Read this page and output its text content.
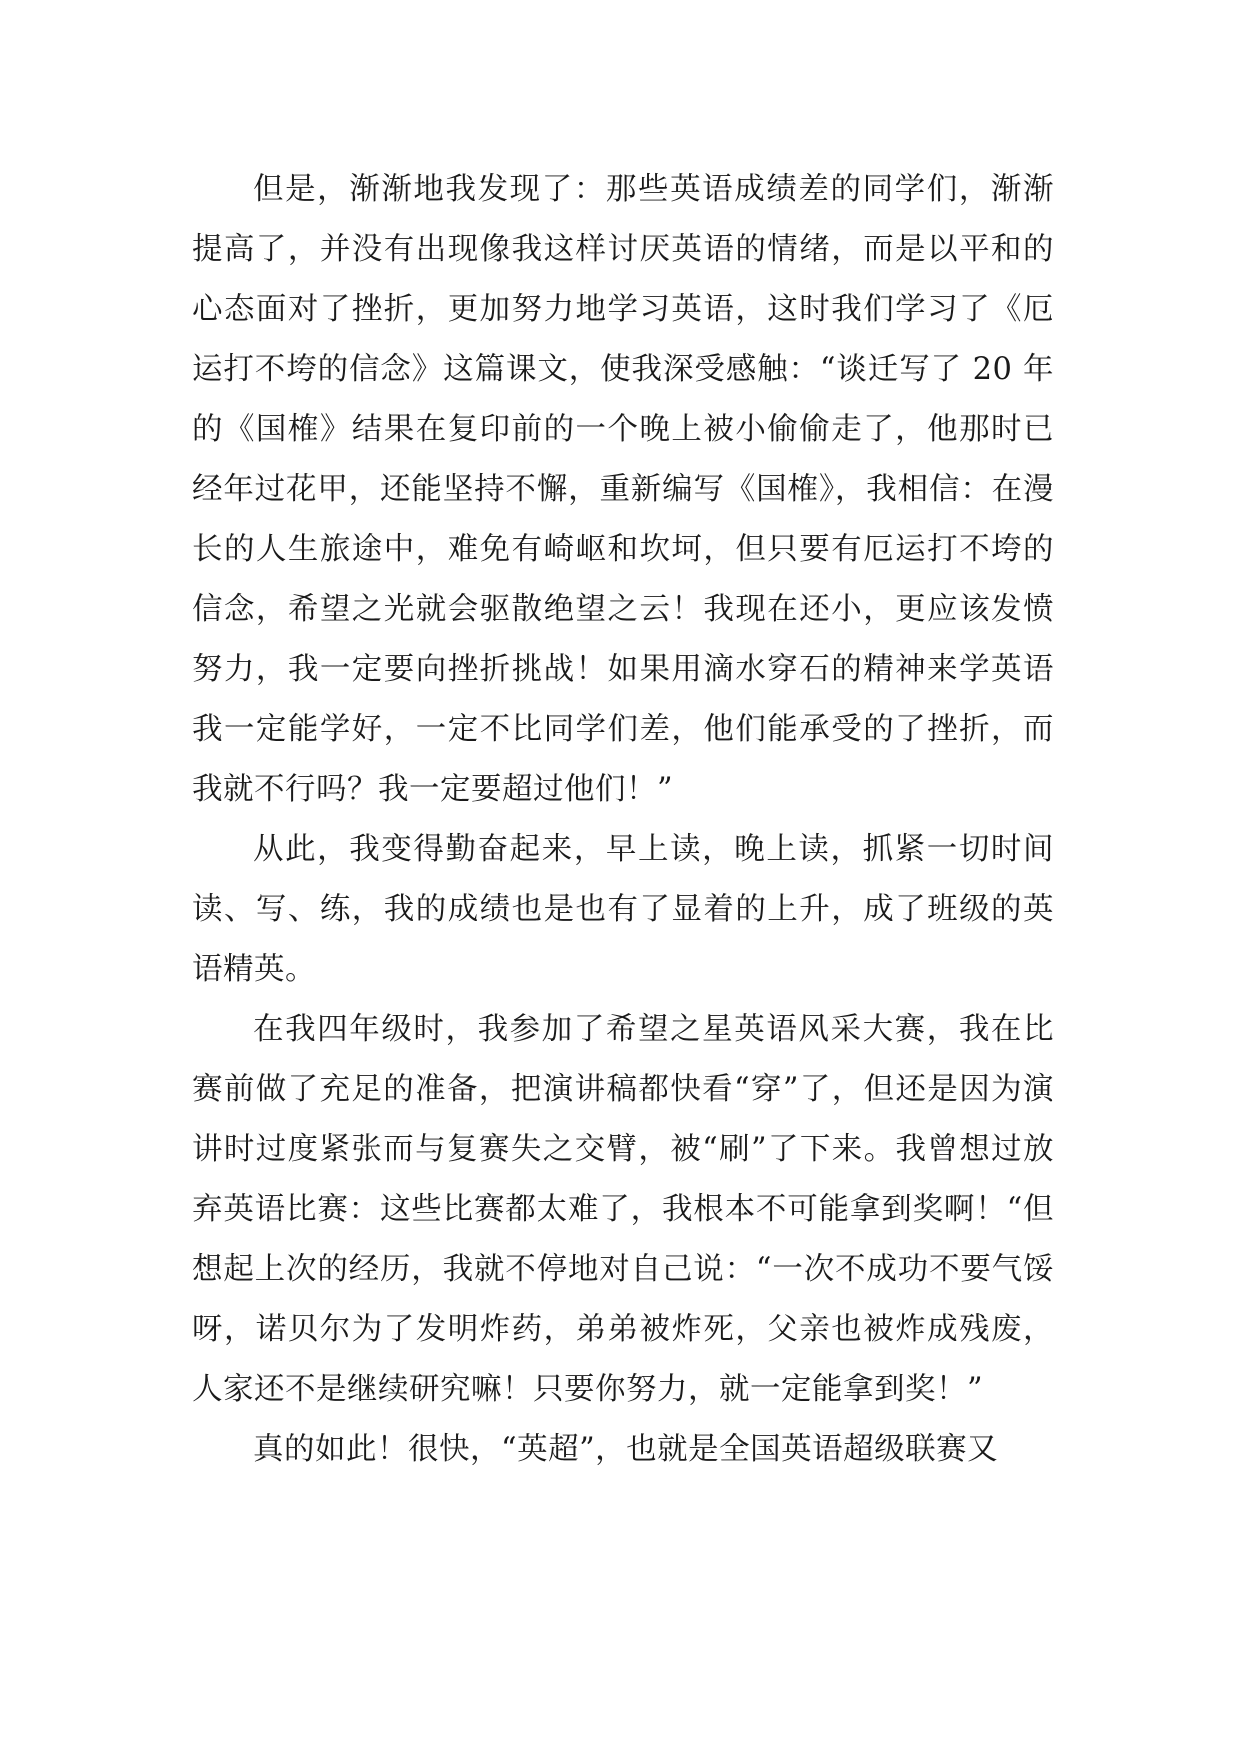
但是，渐渐地我发现了：那些英语成绩差的同学们，渐渐提高了，并没有出现像我这样讨厌英语的情绪，而是以平和的心态面对了挫折，更加努力地学习英语，这时我们学习了《厄运打不垮的信念》这篇课文，使我深受感触：“谈迁写了 20 年的《国榷》结果在复印前的一个晚上被小偷偷走了，他那时已经年过花甲，还能坚持不懈，重新编写《国榷》，我相信：在漫长的人生旅途中，难免有崎岖和坎坷，但只要有厄运打不垮的信念，希望之光就会驱散绝望之云！我现在还小，更应该发愤努力，我一定要向挫折挑战！如果用滴水穿石的精神来学英语我一定能学好，一定不比同学们差，他们能承受的了挫折，而我就不行吗？我一定要超过他们！”

从此，我变得勤奋起来，早上读，晚上读，抓紧一切时间读、写、练，我的成绩也是也有了显着的上升，成了班级的英语精英。

在我四年级时，我参加了希望之星英语风采大赛，我在比赛前做了充足的准备，把演讲稿都快看“穿”了，但还是因为演讲时过度紧张而与复赛失之交臂，被“刷”了下来。我曾想过放弃英语比赛：这些比赛都太难了，我根本不可能拿到奖啊！“但想起上次的经历，我就不停地对自己说：“一次不成功不要气馁呀，诺贝尔为了发明炸药，弟弟被炸死，父亲也被炸成残废，人家还不是继续研究嘛！只要你努力，就一定能拿到奖！”

真的如此！很快，“英超”，也就是全国英语超级联赛又
